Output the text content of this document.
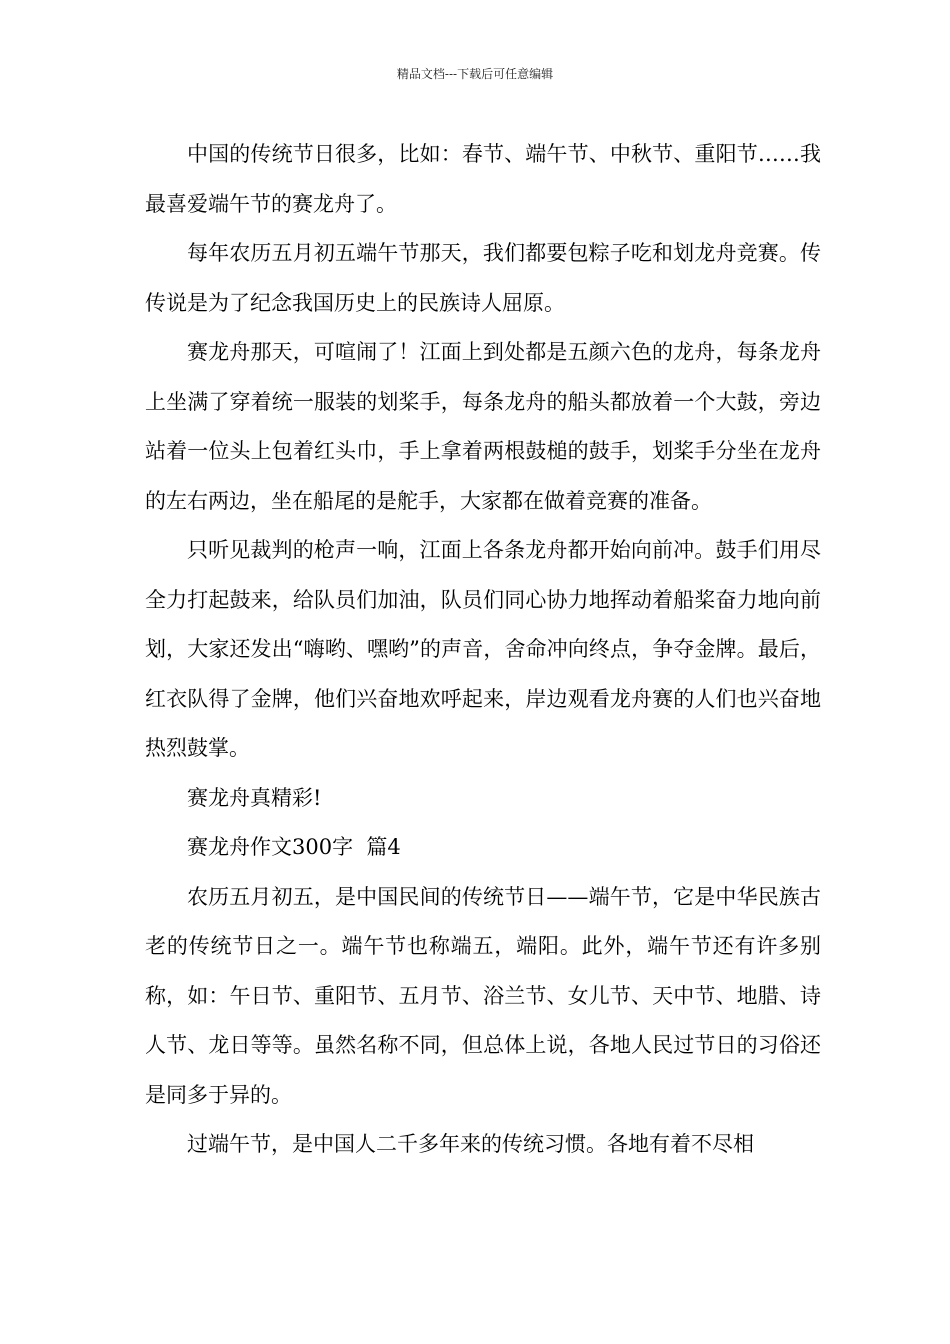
精品文档---下载后可任意编辑

中国的传统节日很多，比如：春节、端午节、中秋节、重阳节……我最喜爱端午节的赛龙舟了。

每年农历五月初五端午节那天，我们都要包粽子吃和划龙舟竞赛。传传说是为了纪念我国历史上的民族诗人屈原。

赛龙舟那天，可喧闹了！江面上到处都是五颜六色的龙舟，每条龙舟上坐满了穿着统一服装的划桨手，每条龙舟的船头都放着一个大鼓，旁边站着一位头上包着红头巾，手上拿着两根鼓槌的鼓手，划桨手分坐在龙舟的左右两边，坐在船尾的是舵手，大家都在做着竞赛的准备。

只听见裁判的枪声一响，江面上各条龙舟都开始向前冲。鼓手们用尽全力打起鼓来，给队员们加油，队员们同心协力地挥动着船桨奋力地向前划，大家还发出“嗨哟、嘿哟”的声音，舍命冲向终点，争夺金牌。最后，红衣队得了金牌，他们兴奋地欢呼起来，岸边观看龙舟赛的人们也兴奋地热烈鼓掌。

赛龙舟真精彩!

赛龙舟作文300字  篇4

农历五月初五，是中国民间的传统节日——端午节，它是中华民族古老的传统节日之一。端午节也称端五，端阳。此外，端午节还有许多别称，如：午日节、重阳节、五月节、浴兰节、女儿节、天中节、地腊、诗人节、龙日等等。虽然名称不同，但总体上说，各地人民过节日的习俗还是同多于异的。

过端午节，是中国人二千多年来的传统习惯。各地有着不尽相
